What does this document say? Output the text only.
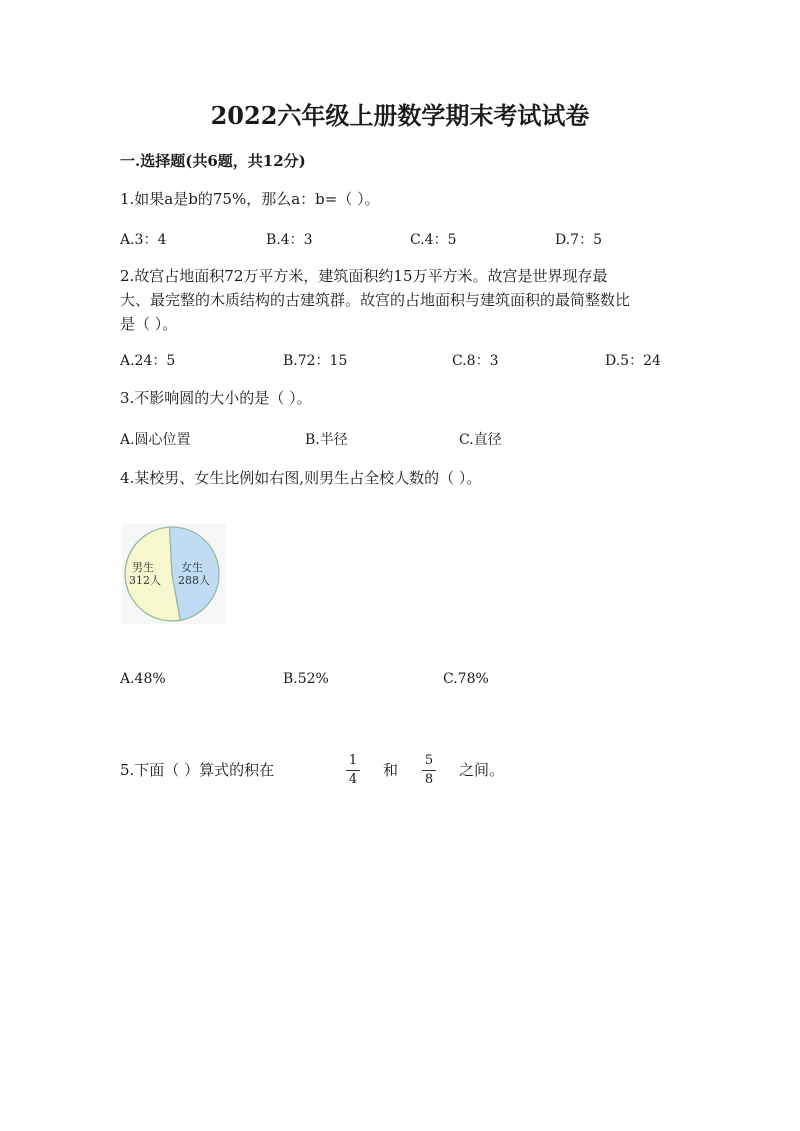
2022六年级上册数学期末考试试卷
一.选择题(共6题，共12分)
1.如果a是b的75%，那么a：b=（ ）。
A.3：4	B.4：3	C.4：5	D.7：5
2.故宫占地面积72万平方米，建筑面积约15万平方米。故宫是世界现存最
大、最完整的木质结构的古建筑群。故宫的占地面积与建筑面积的最简整数比
是（ ）。
A.24：5	B.72：15	C.8：3	D.5：24
3.不影响圆的大小的是（ ）。
A.圆心位置	B.半径	C.直径
4.某校男、女生比例如右图,则男生占全校人数的（ ）。
男生
312人
女生
288人
A.48%	B.52%	C.78%
5.下面（ ）算式的积在
1
4
和
5
8
之间。
